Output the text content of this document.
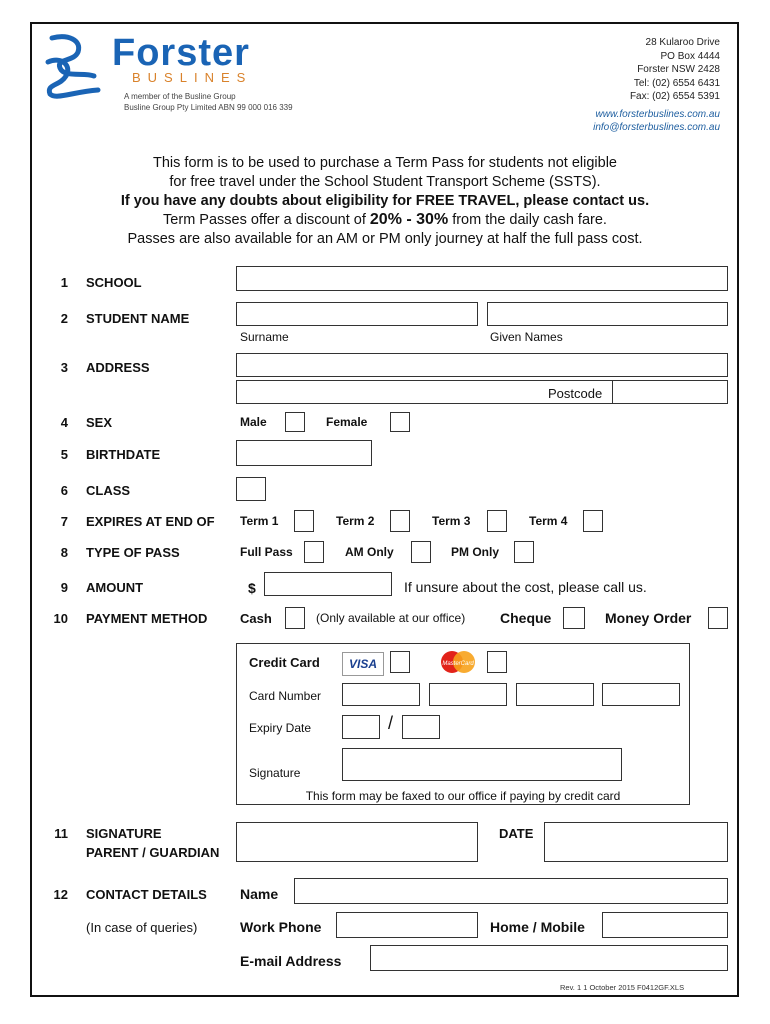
Forster
BUSLINES
A member of the Busline Group
Busline Group Pty Limited ABN 99 000 016 339
28 Kularoo Drive
PO Box 4444
Forster NSW 2428
Tel: (02) 6554 6431
Fax: (02) 6554 5391
www.forsterbuslines.com.au
info@forsterbuslines.com.au
This form is to be used to purchase a Term Pass for students not eligible
for free travel under the School Student Transport Scheme (SSTS).
If you have any doubts about eligibility for FREE TRAVEL, please contact us.
Term Passes offer a discount of 20% - 30% from the daily cash fare.
Passes are also available for an AM or PM only journey at half the full pass cost.
1 SCHOOL
2 STUDENT NAME
Surname	Given Names
3 ADDRESS
Postcode
4 SEX	Male	Female
5 BIRTHDATE
6 CLASS
7 EXPIRES AT END OF Term 1	Term 2	Term 3	Term 4
8 TYPE OF PASS	Full Pass	AM Only	PM Only
9 AMOUNT	$	If unsure about the cost, please call us.
10 PAYMENT METHOD	Cash	(Only available at our office) Cheque	Money Order
Credit Card	VISA	MasterCard
Card Number
Expiry Date	/
Signature
This form may be faxed to our office if paying by credit card
11 SIGNATURE
PARENT / GUARDIAN
DATE
12 CONTACT DETAILS
(In case of queries)
Name
Work Phone	Home / Mobile
E-mail Address
Rev. 1 1 October 2015 F0412GF.XLS
